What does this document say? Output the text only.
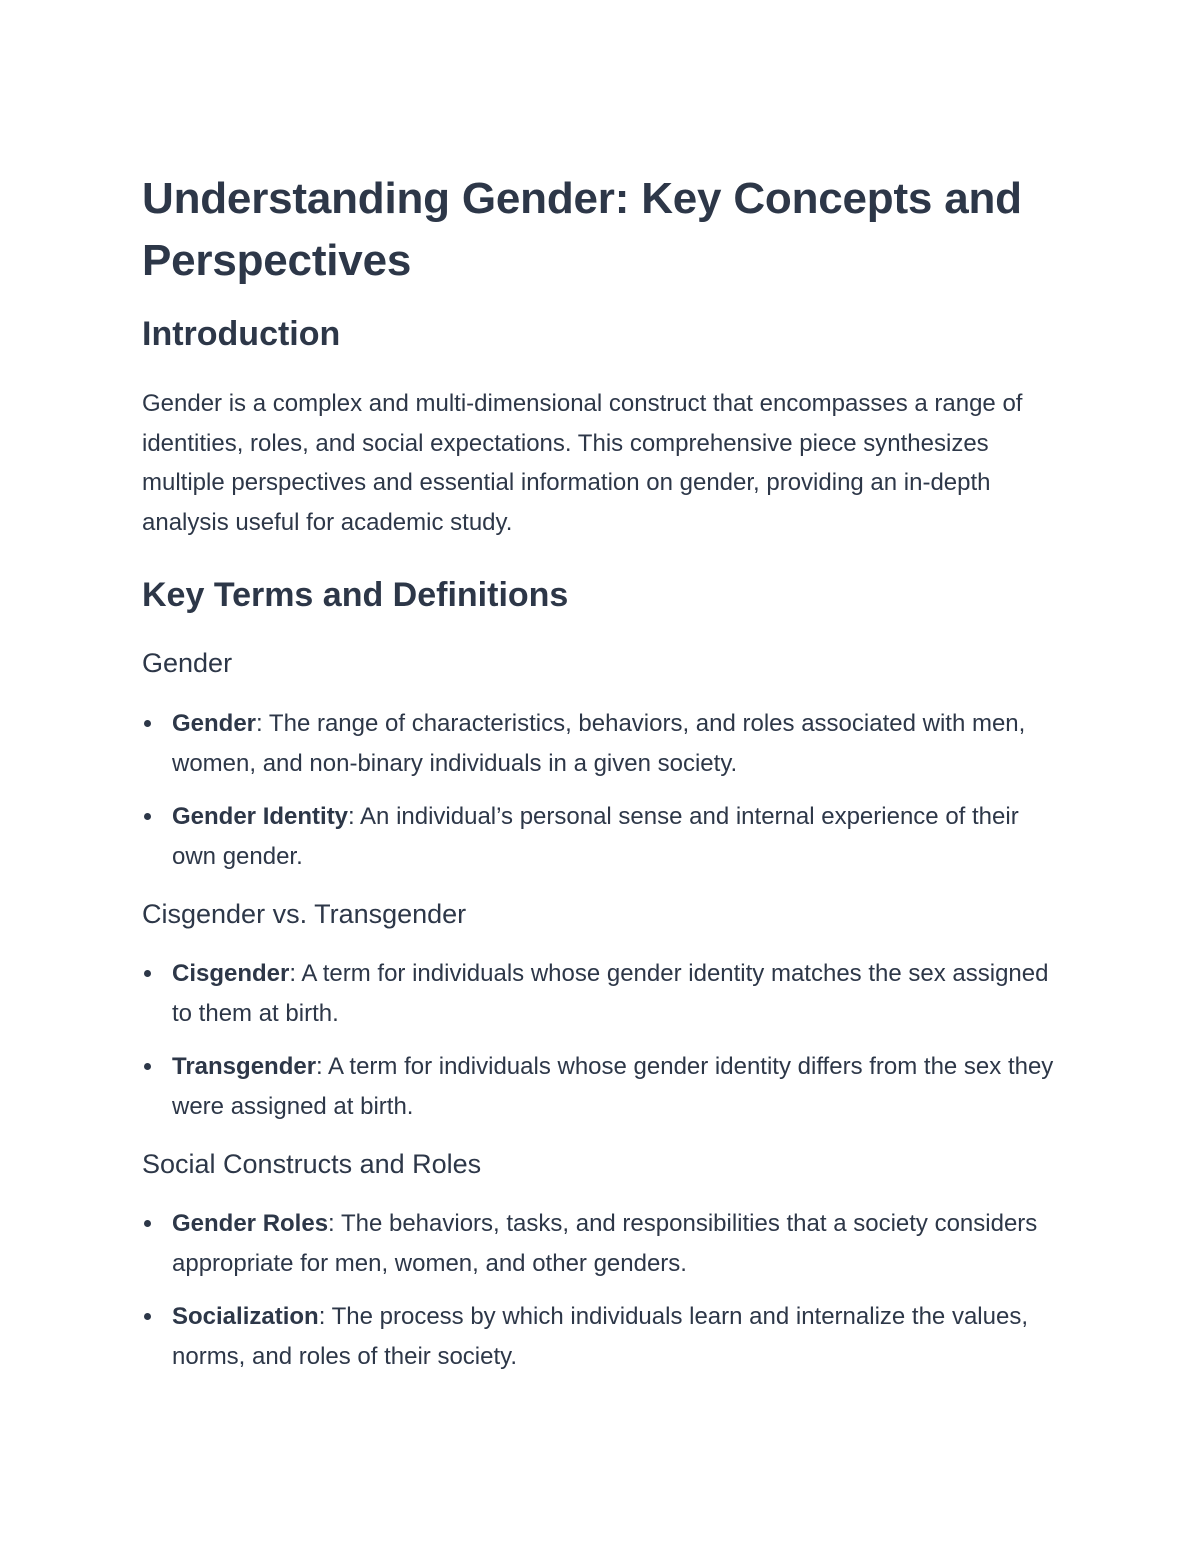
Understanding Gender: Key Concepts and Perspectives
Introduction

Gender is a complex and multi-dimensional construct that encompasses a range of identities, roles, and social expectations. This comprehensive piece synthesizes multiple perspectives and essential information on gender, providing an in-depth analysis useful for academic study.

Key Terms and Definitions
Gender
Gender: The range of characteristics, behaviors, and roles associated with men, women, and non-binary individuals in a given society.
Gender Identity: An individual’s personal sense and internal experience of their own gender.
Cisgender vs. Transgender
Cisgender: A term for individuals whose gender identity matches the sex assigned to them at birth.
Transgender: A term for individuals whose gender identity differs from the sex they were assigned at birth.
Social Constructs and Roles
Gender Roles: The behaviors, tasks, and responsibilities that a society considers appropriate for men, women, and other genders.
Socialization: The process by which individuals learn and internalize the values, norms, and roles of their society.
